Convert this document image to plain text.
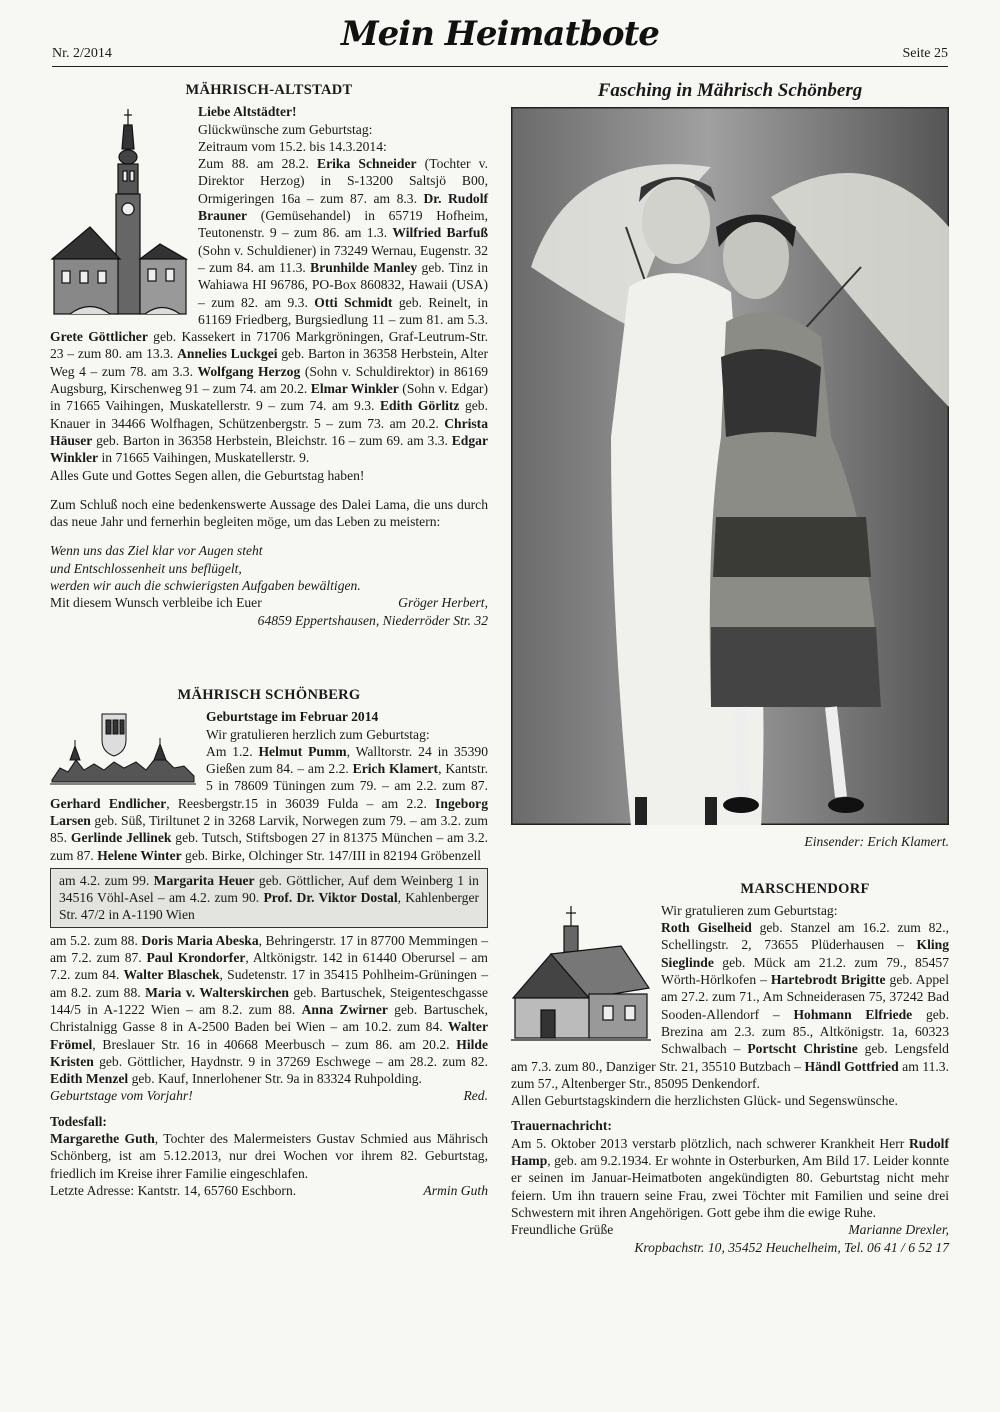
Nr. 2/2014	Mein Heimatbote	Seite 25
MÄHRISCH-ALTSTADT

Liebe Altstädter!

Glückwünsche zum Geburtstag:

Zeitraum vom 15.2. bis 14.3.2014:

Zum 88. am 28.2. Erika Schneider (Tochter v. Direktor Herzog) in S-13200 Saltsjö B00, Ormigeringen 16a – zum 87. am 8.3. Dr. Rudolf Brauner (Gemüsehandel) in 65719 Hofheim, Teutonenstr. 9 – zum 86. am 1.3. Wilfried Barfuß (Sohn v. Schuldiener) in 73249 Wernau, Eugenstr. 32 – zum 84. am 11.3. Brunhilde Manley geb. Tinz in Wahiawa HI 96786, PO-Box 860832, Hawaii (USA) – zum 82. am 9.3. Otti Schmidt geb. Reinelt, in 61169 Friedberg, Burgsiedlung 11 – zum 81. am 5.3. Grete Göttlicher geb. Kassekert in 71706 Markgröningen, Graf-Leutrum-Str. 23 – zum 80. am 13.3. Annelies Luckgei geb. Barton in 36358 Herbstein, Alter Weg 4 – zum 78. am 3.3. Wolfgang Herzog (Sohn v. Schuldirektor) in 86169 Augsburg, Kirschenweg 91 – zum 74. am 20.2. Elmar Winkler (Sohn v. Edgar) in 71665 Vaihingen, Muskatellerstr. 9 – zum 74. am 9.3. Edith Görlitz geb. Knauer in 34466 Wolfhagen, Schützenbergstr. 5 – zum 73. am 20.2. Christa Häuser geb. Barton in 36358 Herbstein, Bleichstr. 16 – zum 69. am 3.3. Edgar Winkler in 71665 Vaihingen, Muskatellerstr. 9.

Alles Gute und Gottes Segen allen, die Geburtstag haben!

Zum Schluß noch eine bedenkenswerte Aussage des Dalei Lama, die uns durch das neue Jahr und fernerhin begleiten möge, um das Leben zu meistern:

Wenn uns das Ziel klar vor Augen steht

und Entschlossenheit uns beflügelt,

werden wir auch die schwierigsten Aufgaben bewältigen.

Mit diesem Wunsch verbleibe ich Euer	Gröger Herbert,
64859 Eppertshausen, Niederröder Str. 32
MÄHRISCH SCHÖNBERG

Geburtstage im Februar 2014

Wir gratulieren herzlich zum Geburtstag:

Am 1.2. Helmut Pumm, Walltorstr. 24 in 35390 Gießen zum 84. – am 2.2. Erich Klamert, Kantstr. 5 in 78609 Tüningen zum 79. – am 2.2. zum 87. Gerhard Endlicher, Reesbergstr.15 in 36039 Fulda – am 2.2. Ingeborg Larsen geb. Süß, Tiriltunet 2 in 3268 Larvik, Norwegen zum 79. – am 3.2. zum 85. Gerlinde Jellinek geb. Tutsch, Stiftsbogen 27 in 81375 München – am 3.2. zum 87. Helene Winter geb. Birke, Olchinger Str. 147/III in 82194 Gröbenzell

am 4.2. zum 99. Margarita Heuer geb. Göttlicher, Auf dem Weinberg 1 in 34516 Vöhl-Asel – am 4.2. zum 90. Prof. Dr. Viktor Dostal, Kahlenberger Str. 47/2 in A-1190 Wien

am 5.2. zum 88. Doris Maria Abeska, Behringerstr. 17 in 87700 Memmingen – am 7.2. zum 87. Paul Krondorfer, Altkönigstr. 142 in 61440 Oberursel – am 7.2. zum 84. Walter Blaschek, Sudetenstr. 17 in 35415 Pohlheim-Grüningen – am 8.2. zum 88. Maria v. Walterskirchen geb. Bartuschek, Steigenteschgasse 144/5 in A-1222 Wien – am 8.2. zum 88. Anna Zwirner geb. Bartuschek, Christalnigg Gasse 8 in A-2500 Baden bei Wien – am 10.2. zum 84. Walter Frömel, Breslauer Str. 16 in 40668 Meerbusch – zum 86. am 20.2. Hilde Kristen geb. Göttlicher, Haydnstr. 9 in 37269 Eschwege – am 28.2. zum 82. Edith Menzel geb. Kauf, Innerlohener Str. 9a in 83324 Ruhpolding.

Geburtstage vom Vorjahr!	Red.

Todesfall:

Margarethe Guth, Tochter des Malermeisters Gustav Schmied aus Mährisch Schönberg, ist am 5.12.2013, nur drei Wochen vor ihrem 82. Geburtstag, friedlich im Kreise ihrer Familie eingeschlafen.

Letzte Adresse: Kantstr. 14, 65760 Eschborn.	Armin Guth
Fasching in Mährisch Schönberg
Einsender: Erich Klamert.
MARSCHENDORF

Wir gratulieren zum Geburtstag:

Roth Giselheid geb. Stanzel am 16.2. zum 82., Schellingstr. 2, 73655 Plüderhausen – Kling Sieglinde geb. Mück am 21.2. zum 79., 85457 Wörth-Hörlkofen – Hartebrodt Brigitte geb. Appel am 27.2. zum 71., Am Schneiderasen 75, 37242 Bad Sooden-Allendorf – Hohmann Elfriede geb. Brezina am 2.3. zum 85., Altkönigstr. 1a, 60323 Schwalbach – Portscht Christine geb. Lengsfeld am 7.3. zum 80., Danziger Str. 21, 35510 Butzbach – Händl Gottfried am 11.3. zum 57., Altenberger Str., 85095 Denkendorf.

Allen Geburtstagskindern die herzlichsten Glück- und Segenswünsche.

Trauernachricht:

Am 5. Oktober 2013 verstarb plötzlich, nach schwerer Krankheit Herr Rudolf Hamp, geb. am 9.2.1934. Er wohnte in Osterburken, Am Bild 17. Leider konnte er seinen im Januar-Heimatboten angekündigten 80. Geburtstag nicht mehr feiern. Um ihn trauern seine Frau, zwei Töchter mit Familien und seine drei Schwestern mit ihren Angehörigen. Gott gebe ihm die ewige Ruhe.

Freundliche Grüße	Marianne Drexler,
Kropbachstr. 10, 35452 Heuchelheim, Tel. 06 41 / 6 52 17
